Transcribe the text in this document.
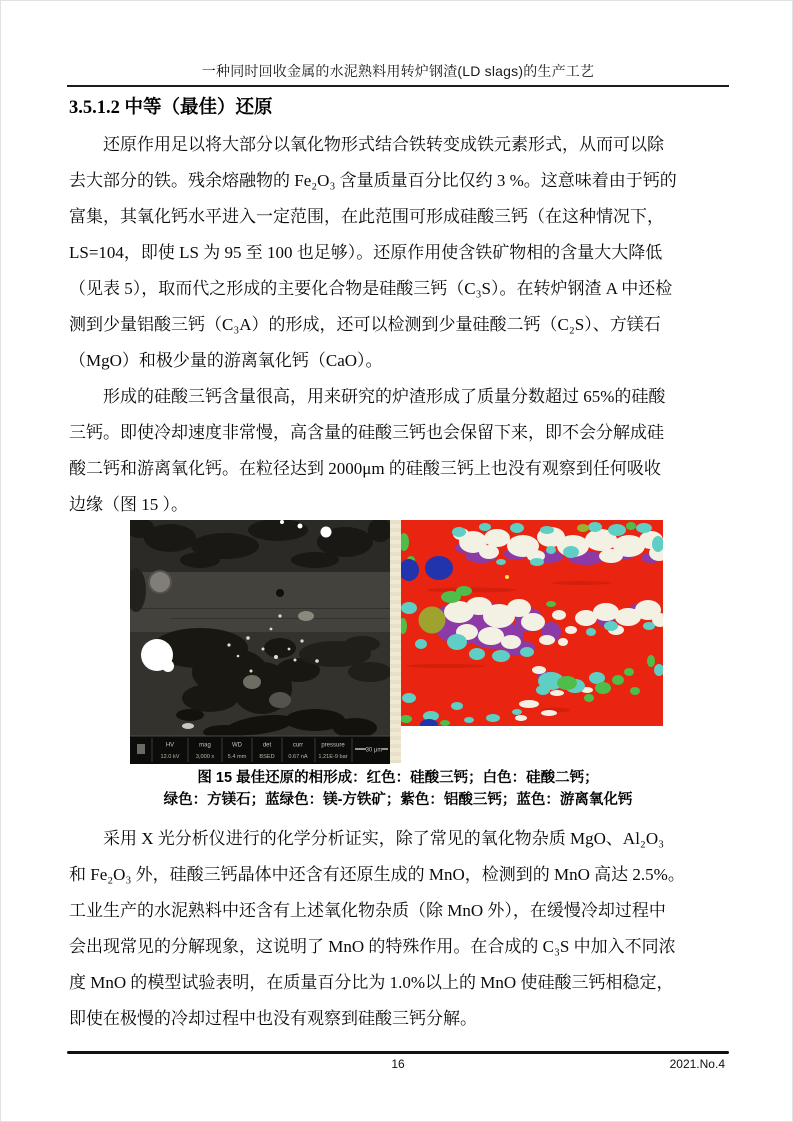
一种同时回收金属的水泥熟料用转炉钢渣(LD slags)的生产工艺
3.5.1.2 中等（最佳）还原
还原作用足以将大部分以氧化物形式结合铁转变成铁元素形式，从而可以除
去大部分的铁。残余熔融物的 Fe₂O₃ 含量质量百分比仅约 3 %。这意味着由于钙的
富集，其氧化钙水平进入一定范围，在此范围可形成硅酸三钙（在这种情况下，
LS=104，即使 LS 为 95 至 100 也足够）。还原作用使含铁矿物相的含量大大降低
（见表 5），取而代之形成的主要化合物是硅酸三钙（C₃S）。在转炉钢渣 A 中还检
测到少量铝酸三钙（C₃A）的形成，还可以检测到少量硅酸二钙（C₂S）、方镁石
（MgO）和极少量的游离氧化钙（CaO）。
形成的硅酸三钙含量很高，用来研究的炉渣形成了质量分数超过 65%的硅酸
三钙。即使冷却速度非常慢，高含量的硅酸三钙也会保留下来，即不会分解成硅
酸二钙和游离氧化钙。在粒径达到 2000μm 的硅酸三钙上也没有观察到任何吸收
边缘（图 15 ）。
HV	mag	WD	det	curr	pressure
12.0 kV	3,000 x 5.4 mm BSED 0.67 nA 1.21E-9 bar
30 μm
图 15 最佳还原的相形成：红色：硅酸三钙；白色：硅酸二钙；
绿色：方镁石；蓝绿色：镁-方铁矿；紫色：铝酸三钙；蓝色：游离氧化钙
采用 X 光分析仪进行的化学分析证实，除了常见的氧化物杂质 MgO、Al₂O₃
和 Fe₂O₃ 外，硅酸三钙晶体中还含有还原生成的 MnO，检测到的 MnO 高达 2.5%。
工业生产的水泥熟料中还含有上述氧化物杂质（除 MnO 外），在缓慢冷却过程中
会出现常见的分解现象，这说明了 MnO 的特殊作用。在合成的 C₃S 中加入不同浓
度 MnO 的模型试验表明，在质量百分比为 1.0%以上的 MnO 使硅酸三钙相稳定，
即使在极慢的冷却过程中也没有观察到硅酸三钙分解。
16	2021.No.4
